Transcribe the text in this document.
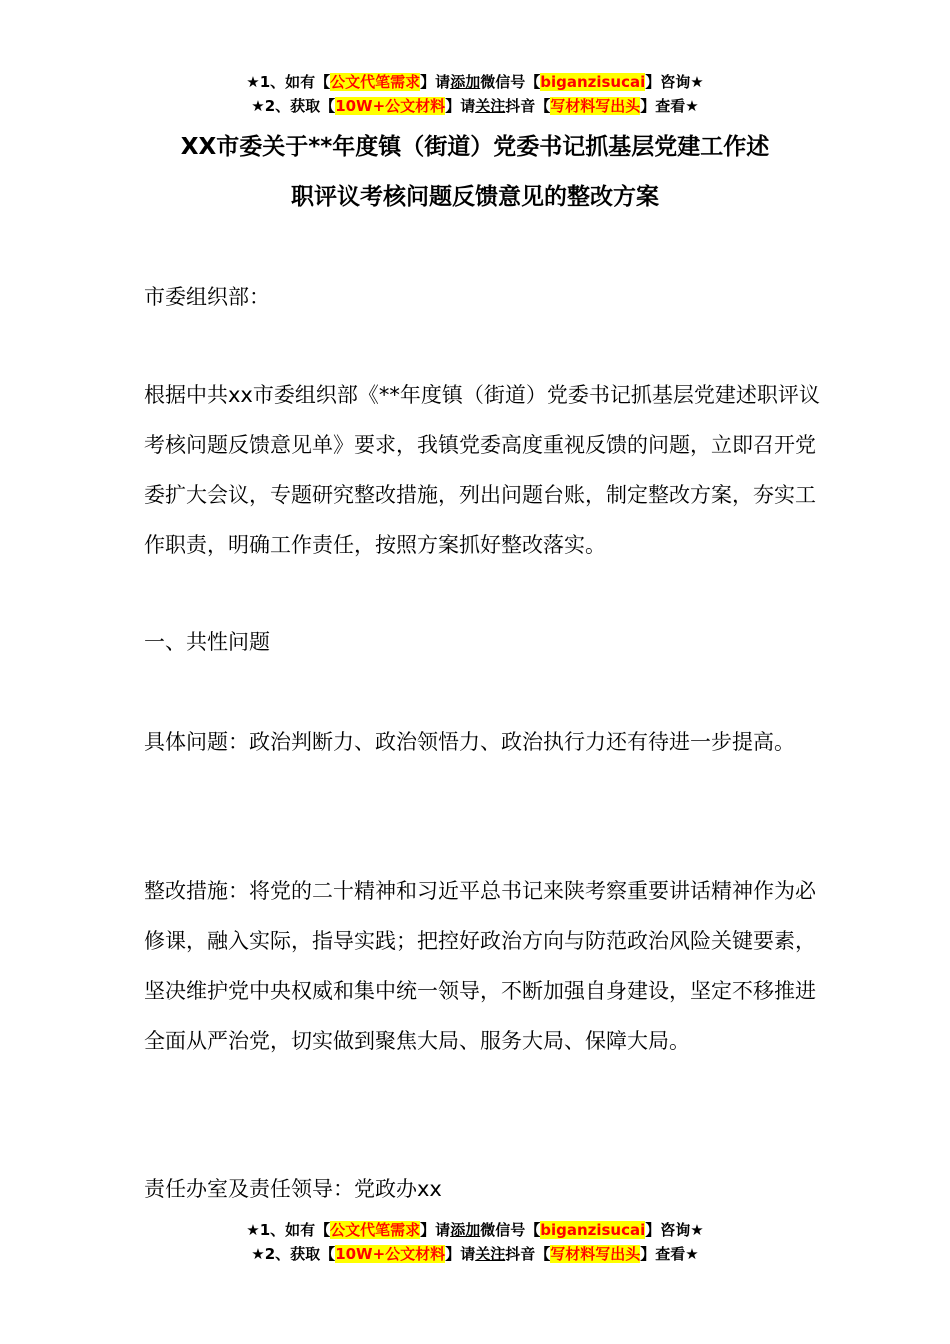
★1、如有【公文代笔需求】请添加微信号【biganzisucai】咨询★
★2、获取【10W+公文材料】请关注抖音【写材料写出头】查看★
XX市委关于**年度镇（街道）党委书记抓基层党建工作述
职评议考核问题反馈意见的整改方案

市委组织部：

根据中共xx市委组织部《**年度镇（街道）党委书记抓基层党建述职评议考核问题反馈意见单》要求，我镇党委高度重视反馈的问题，立即召开党委扩大会议，专题研究整改措施，列出问题台账，制定整改方案，夯实工作职责，明确工作责任，按照方案抓好整改落实。

一、共性问题

具体问题：政治判断力、政治领悟力、政治执行力还有待进一步提高。

整改措施：将党的二十精神和习近平总书记来陕考察重要讲话精神作为必修课，融入实际，指导实践；把控好政治方向与防范政治风险关键要素，坚决维护党中央权威和集中统一领导，不断加强自身建设，坚定不移推进全面从严治党，切实做到聚焦大局、服务大局、保障大局。

责任办室及责任领导：党政办xx

★1、如有【公文代笔需求】请添加微信号【biganzisucai】咨询★
★2、获取【10W+公文材料】请关注抖音【写材料写出头】查看★
